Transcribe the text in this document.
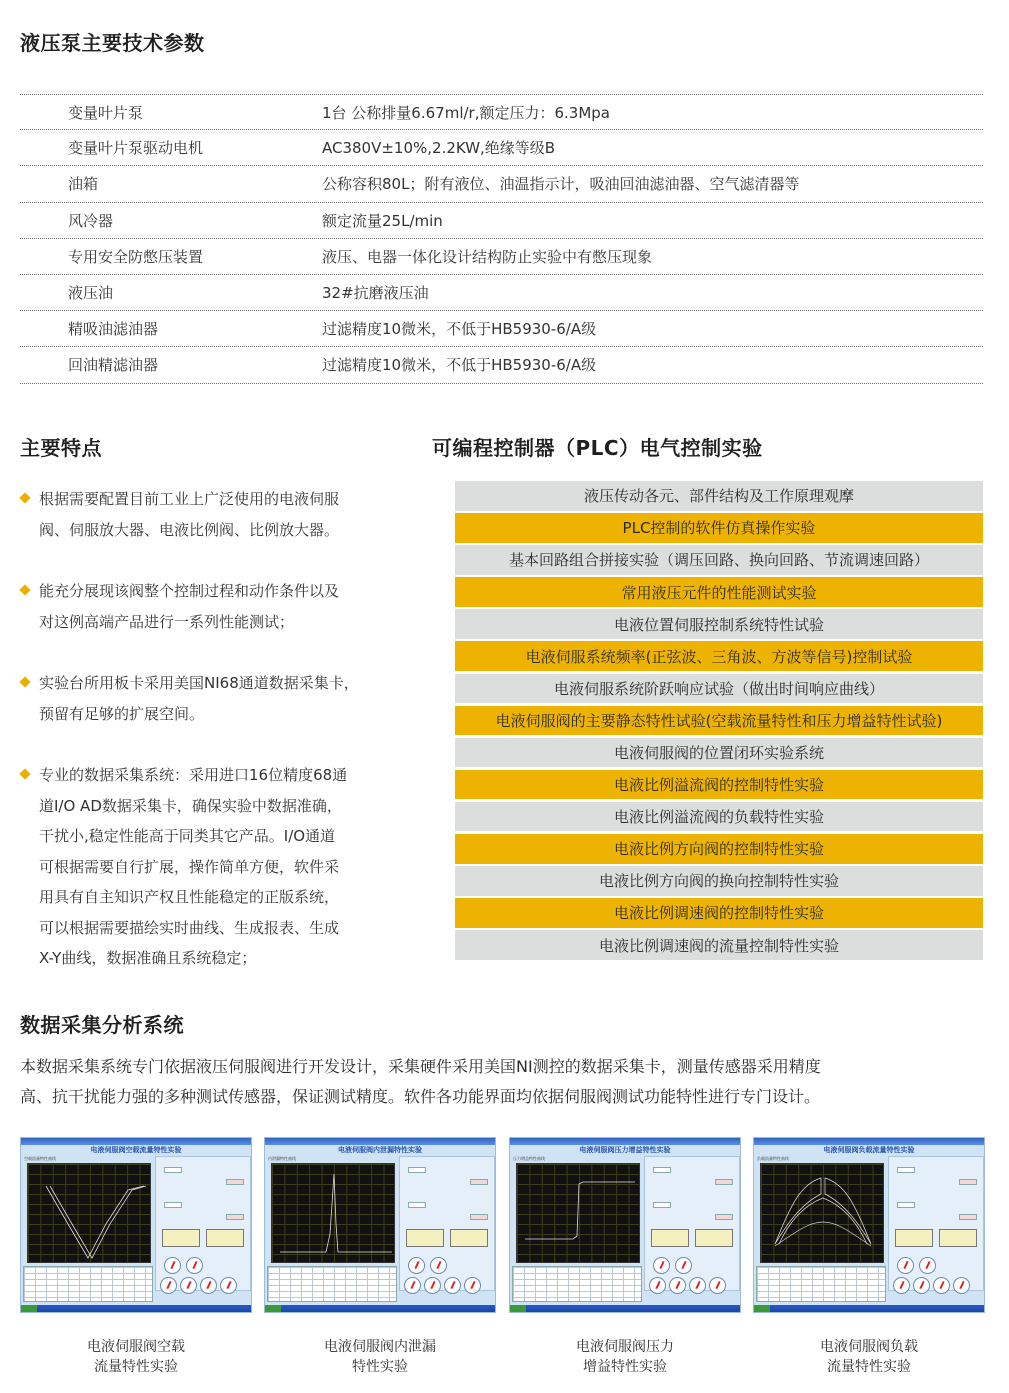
液压泵主要技术参数
变量叶片泵	1台 公称排量6.67ml/r,额定压力：6.3Mpa
变量叶片泵驱动电机	AC380V±10%,2.2KW,绝缘等级B
油箱	公称容积80L；附有液位、油温指示计，吸油回油滤油器、空气滤清器等
风冷器	额定流量25L/min
专用安全防憋压装置	液压、电器一体化设计结构防止实验中有憋压现象
液压油	32#抗磨液压油
精吸油滤油器	过滤精度10微米，不低于HB5930-6/A级
回油精滤油器	过滤精度10微米，不低于HB5930-6/A级
主要特点
根据需要配置目前工业上广泛使用的电液伺服
阀、伺服放大器、电液比例阀、比例放大器。
能充分展现该阀整个控制过程和动作条件以及
对这例高端产品进行一系列性能测试；
实验台所用板卡采用美国NI68通道数据采集卡，
预留有足够的扩展空间。
专业的数据采集系统：采用进口16位精度68通
道I/O AD数据采集卡，确保实验中数据准确，
干扰小,稳定性能高于同类其它产品。I/O通道
可根据需要自行扩展，操作简单方便，软件采
用具有自主知识产权且性能稳定的正版系统，
可以根据需要描绘实时曲线、生成报表、生成
X-Y曲线，数据准确且系统稳定；
可编程控制器（PLC）电气控制实验
液压传动各元、部件结构及工作原理观摩
PLC控制的软件仿真操作实验
基本回路组合拼接实验（调压回路、换向回路、节流调速回路）
常用液压元件的性能测试实验
电液位置伺服控制系统特性试验
电液伺服系统频率(正弦波、三角波、方波等信号)控制试验
电液伺服系统阶跃响应试验（做出时间响应曲线）
电液伺服阀的主要静态特性试验(空载流量特性和压力增益特性试验)
电液伺服阀的位置闭环实验系统
电液比例溢流阀的控制特性实验
电液比例溢流阀的负载特性实验
电液比例方向阀的控制特性实验
电液比例方向阀的换向控制特性实验
电液比例调速阀的控制特性实验
电液比例调速阀的流量控制特性实验
数据采集分析系统
本数据采集系统专门依据液压伺服阀进行开发设计，采集硬件采用美国NI测控的数据采集卡，测量传感器采用精度
高、抗干扰能力强的多种测试传感器，保证测试精度。软件各功能界面均依据伺服阀测试功能特性进行专门设计。
电液伺服阀空载流量特性实验
空载流量特性曲线
电液伺服阀内泄漏特性实验
内泄漏特性曲线
电液伺服阀压力增益特性实验
压力增益特性曲线
电液伺服阀负载流量特性实验
负载流量特性曲线
电液伺服阀空载
流量特性实验
电液伺服阀内泄漏
特性实验
电液伺服阀压力
增益特性实验
电液伺服阀负载
流量特性实验
